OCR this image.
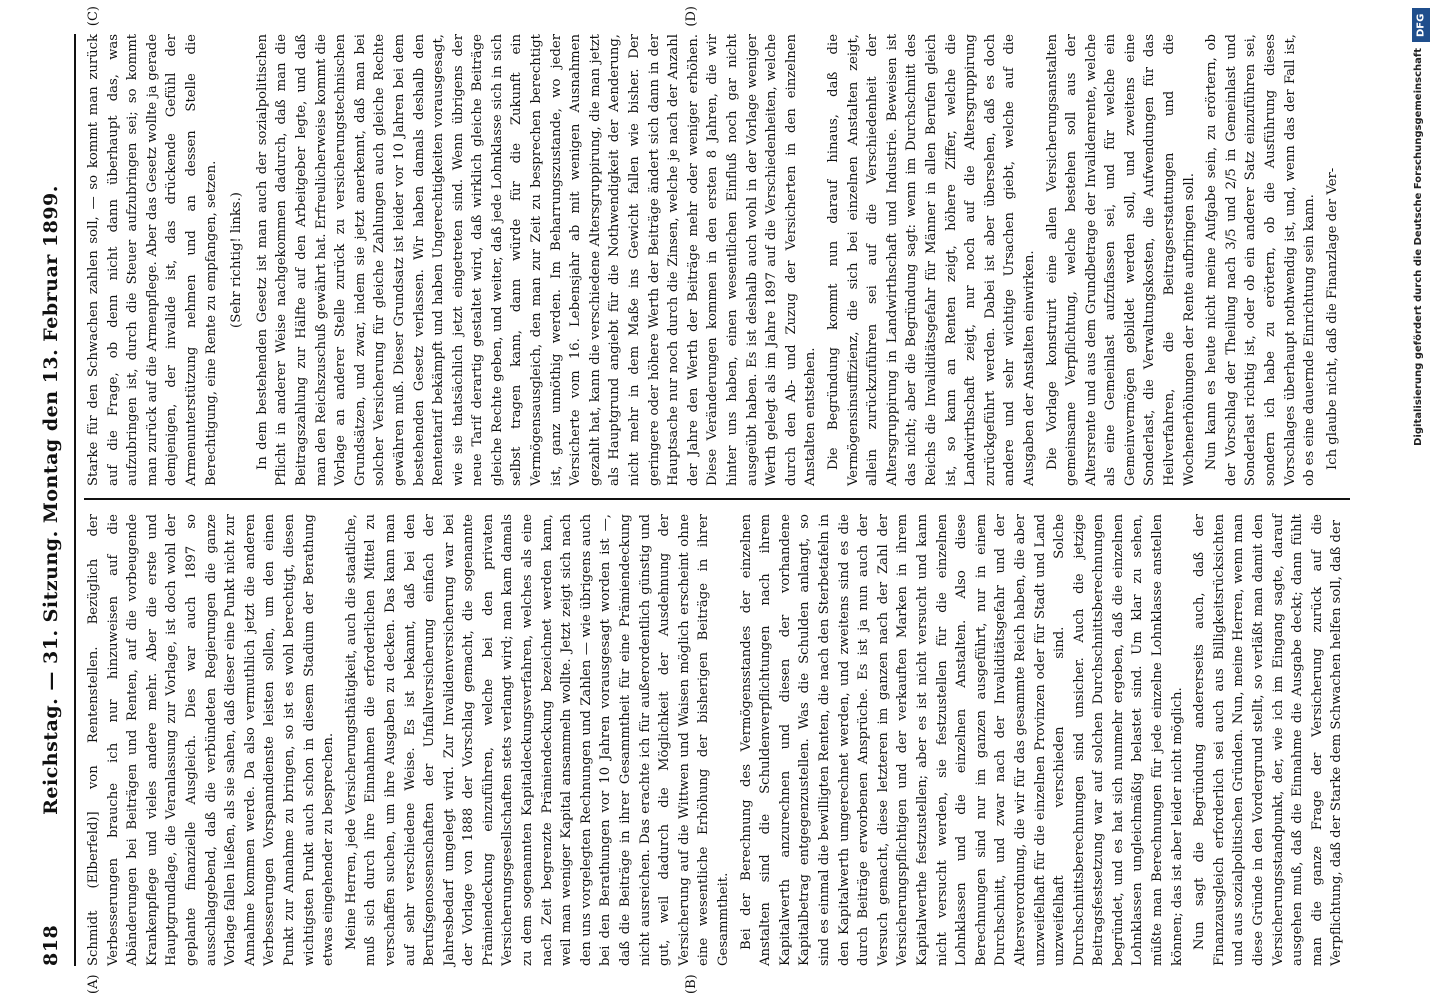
818
Reichstag. — 31. Sitzung. Montag den 13. Februar 1899.
(A)	(B)

Schmidt (Elberfeld)] von Rentenstellen. Bezüglich der Verbesserungen brauche ich nur hinzuweisen auf die Abänderungen bei Beiträgen und Renten, auf die vorbeugende Krankenpflege und vieles andere mehr. Aber die erste und Hauptgrundlage, die Veranlassung zur Vorlage, ist doch wohl der geplante finanzielle Ausgleich. Dies war auch 1897 so ausschlaggebend, daß die verbündeten Regierungen die ganze Vorlage fallen ließen, als sie sahen, daß dieser eine Punkt nicht zur Annahme kommen werde. Da also vermuthlich jetzt die anderen Verbesserungen Vorspanndienste leisten sollen, um den einen Punkt zur Annahme zu bringen, so ist es wohl berechtigt, diesen wichtigsten Punkt auch schon in diesem Stadium der Berathung etwas eingehender zu besprechen. Meine Herren, jede Versicherungsthätigkeit, auch die staatliche, muß sich durch ihre Einnahmen die erforderlichen Mittel zu verschaffen suchen, um ihre Ausgaben zu decken. Das kann man auf sehr verschiedene Weise. Es ist bekannt, daß bei den Berufsgenossenschaften der Unfallversicherung einfach der Jahresbedarf umgelegt wird. Zur Invalidenversicherung war bei der Vorlage von 1888 der Vorschlag gemacht, die sogenannte Prämiendeckung einzuführen, welche bei den privaten Versicherungsgesellschaften stets verlangt wird; man kam damals zu dem sogenannten Kapitaldeckungsverfahren, welches als eine nach Zeit begrenzte Prämiendeckung bezeichnet werden kann, weil man weniger Kapital ansammeln wollte. Jetzt zeigt sich nach den uns vorgelegten Rechnungen und Zahlen — wie übrigens auch bei den Berathungen vor 10 Jahren vorausgesagt worden ist —, daß die Beiträge in ihrer Gesammtheit für eine Prämiendeckung nicht ausreichen. Das erachte ich für außerordentlich günstig und gut, weil dadurch die Möglichkeit der Ausdehnung der Versicherung auf die Wittwen und Waisen möglich erscheint ohne eine wesentliche Erhöhung der bisherigen Beiträge in ihrer Gesammtheit. Bei der Berechnung des Vermögensstandes der einzelnen Anstalten sind die Schuldenverpflichtungen nach ihrem Kapitalwerth anzurechnen und diesen der vorhandene Kapitalbetrag entgegenzustellen. Was die Schulden anlangt, so sind es einmal die bewilligten Renten, die nach den Sterbetafeln in den Kapitalwerth umgerechnet werden, und zweitens sind es die durch Beiträge erworbenen Ansprüche. Es ist ja nun auch der Versuch gemacht, diese letzteren im ganzen nach der Zahl der Versicherungspflichtigen und der verkauften Marken in ihrem Kapitalwerthe festzustellen; aber es ist nicht versucht und kann nicht versucht werden, sie festzustellen für die einzelnen Lohnklassen und die einzelnen Anstalten. Also diese Berechnungen sind nur im ganzen ausgeführt, nur in einem Durchschnitt, und zwar nach der Invaliditätsgefahr und der Altersverordnung, die wir für das gesammte Reich haben, die aber unzweifelhaft für die einzelnen Provinzen oder für Stadt und Land unzweifelhaft verschieden sind. Solche Durchschnittsberechnungen sind unsicher. Auch die jetzige Beitragsfestsetzung war auf solchen Durchschnittsberechnungen begründet, und es hat sich nunmehr ergeben, daß die einzelnen Lohnklassen ungleichmäßig belastet sind. Um klar zu sehen, müßte man Berechnungen für jede einzelne Lohnklasse anstellen können; das ist aber leider nicht möglich. Nun sagt die Begründung andererseits auch, daß der Finanzausgleich erforderlich sei auch aus Billigkeitsrücksichten und aus sozialpolitischen Gründen. Nun, meine Herren, wenn man diese Gründe in den Vordergrund stellt, so verläßt man damit den Versicherungsstandpunkt, der, wie ich im Eingang sagte, darauf ausgehen muß, daß die Einnahme die Ausgabe deckt; dann fühlt man die ganze Frage der Versicherung zurück auf die Verpflichtung, daß der Starke dem Schwachen helfen soll, daß der

(C)	(D)

Starke für den Schwachen zahlen soll, — so kommt man zurück auf die Frage, ob denn nicht dann überhaupt das, was aufzubringen ist, durch die Steuer aufzubringen sei; so kommt man zurück auf die Armenpflege. Aber das Gesetz wollte ja gerade demjenigen, der invalide ist, das drückende Gefühl der Armenunterstützung nehmen und an dessen Stelle die Berechtigung, eine Rente zu empfangen, setzen. (Sehr richtig! links.) In dem bestehenden Gesetz ist man auch der sozialpolitischen Pflicht in anderer Weise nachgekommen dadurch, daß man die Beitragszahlung zur Hälfte auf den Arbeitgeber legte, und daß man den Reichszuschuß gewährt hat. Erfreulicherweise kommt die Vorlage an anderer Stelle zurück zu versicherungstechnischen Grundsätzen, und zwar, indem sie jetzt anerkennt, daß man bei solcher Versicherung für gleiche Zahlungen auch gleiche Rechte gewähren muß. Dieser Grundsatz ist leider vor 10 Jahren bei dem bestehenden Gesetz verlassen. Wir haben damals deshalb den Rententarif bekämpft und haben Ungerechtigkeiten vorausgesagt, wie sie thatsächlich jetzt eingetreten sind. Wenn übrigens der neue Tarif derartig gestaltet wird, daß wirklich gleiche Beiträge gleiche Rechte geben, und weiter, daß jede Lohnklasse sich in sich selbst tragen kann, dann würde für die Zukunft ein Vermögensausgleich, den man zur Zeit zu besprechen berechtigt ist, ganz unnöthig werden. Im Beharrungszustande, wo jeder Versicherte vom 16. Lebensjahr ab mit wenigen Ausnahmen gezahlt hat, kann die verschiedene Altersgruppirung, die man jetzt als Hauptgrund angiebt für die Nothwendigkeit der Aenderung, nicht mehr in dem Maße ins Gewicht fallen wie bisher. Der geringere oder höhere Werth der Beiträge ändert sich dann in der Hauptsache nur noch durch die Zinsen, welche je nach der Anzahl der Jahre den Werth der Beiträge mehr oder weniger erhöhen. Diese Veränderungen kommen in den ersten 8 Jahren, die wir hinter uns haben, einen wesentlichen Einfluß noch gar nicht ausgeübt haben. Es ist deshalb auch wohl in der Vorlage weniger Werth gelegt als im Jahre 1897 auf die Verschiedenheiten, welche durch den Ab- und Zuzug der Versicherten in den einzelnen Anstalten entstehen. Die Begründung kommt nun darauf hinaus, daß die Vermögensinsuffizienz, die sich bei einzelnen Anstalten zeigt, allein zurückzuführen sei auf die Verschiedenheit der Altersgruppirung in Landwirthschaft und Industrie. Beweisen ist das nicht; aber die Begründung sagt: wenn im Durchschnitt des Reichs die Invaliditätsgefahr für Männer in allen Berufen gleich ist, so kann an Renten zeigt, höhere Ziffer, welche die Landwirthschaft zeigt, nur noch auf die Altersgruppirung zurückgeführt werden. Dabei ist aber übersehen, daß es doch andere und sehr wichtige Ursachen giebt, welche auf die Ausgaben der Anstalten einwirken. Die Vorlage konstruirt eine allen Versicherungsanstalten gemeinsame Verpflichtung, welche bestehen soll aus der Altersrente und aus dem Grundbetrage der Invalidenrente, welche als eine Gemeinlast aufzufassen sei, und für welche ein Gemeinvermögen gebildet werden soll, und zweitens eine Sonderlast, die Verwaltungskosten, die Aufwendungen für das Heilverfahren, die Beitragserstattungen und die Wochenerhöhungen der Rente aufbringen soll. Nun kann es heute nicht meine Aufgabe sein, zu erörtern, ob der Vorschlag der Theilung nach 3/5 und 2/5 in Gemeinlast und Sonderlast richtig ist, oder ob ein anderer Satz einzuführen sei, sondern ich habe zu erörtern, ob die Ausführung dieses Vorschlages überhaupt nothwendig ist, und, wenn das der Fall ist, ob es eine dauernde Einrichtung sein kann. Ich glaube nicht, daß die Finanzlage der Ver-

DFG
Digitalisierung gefördert durch die Deutsche Forschungsgemeinschaft
